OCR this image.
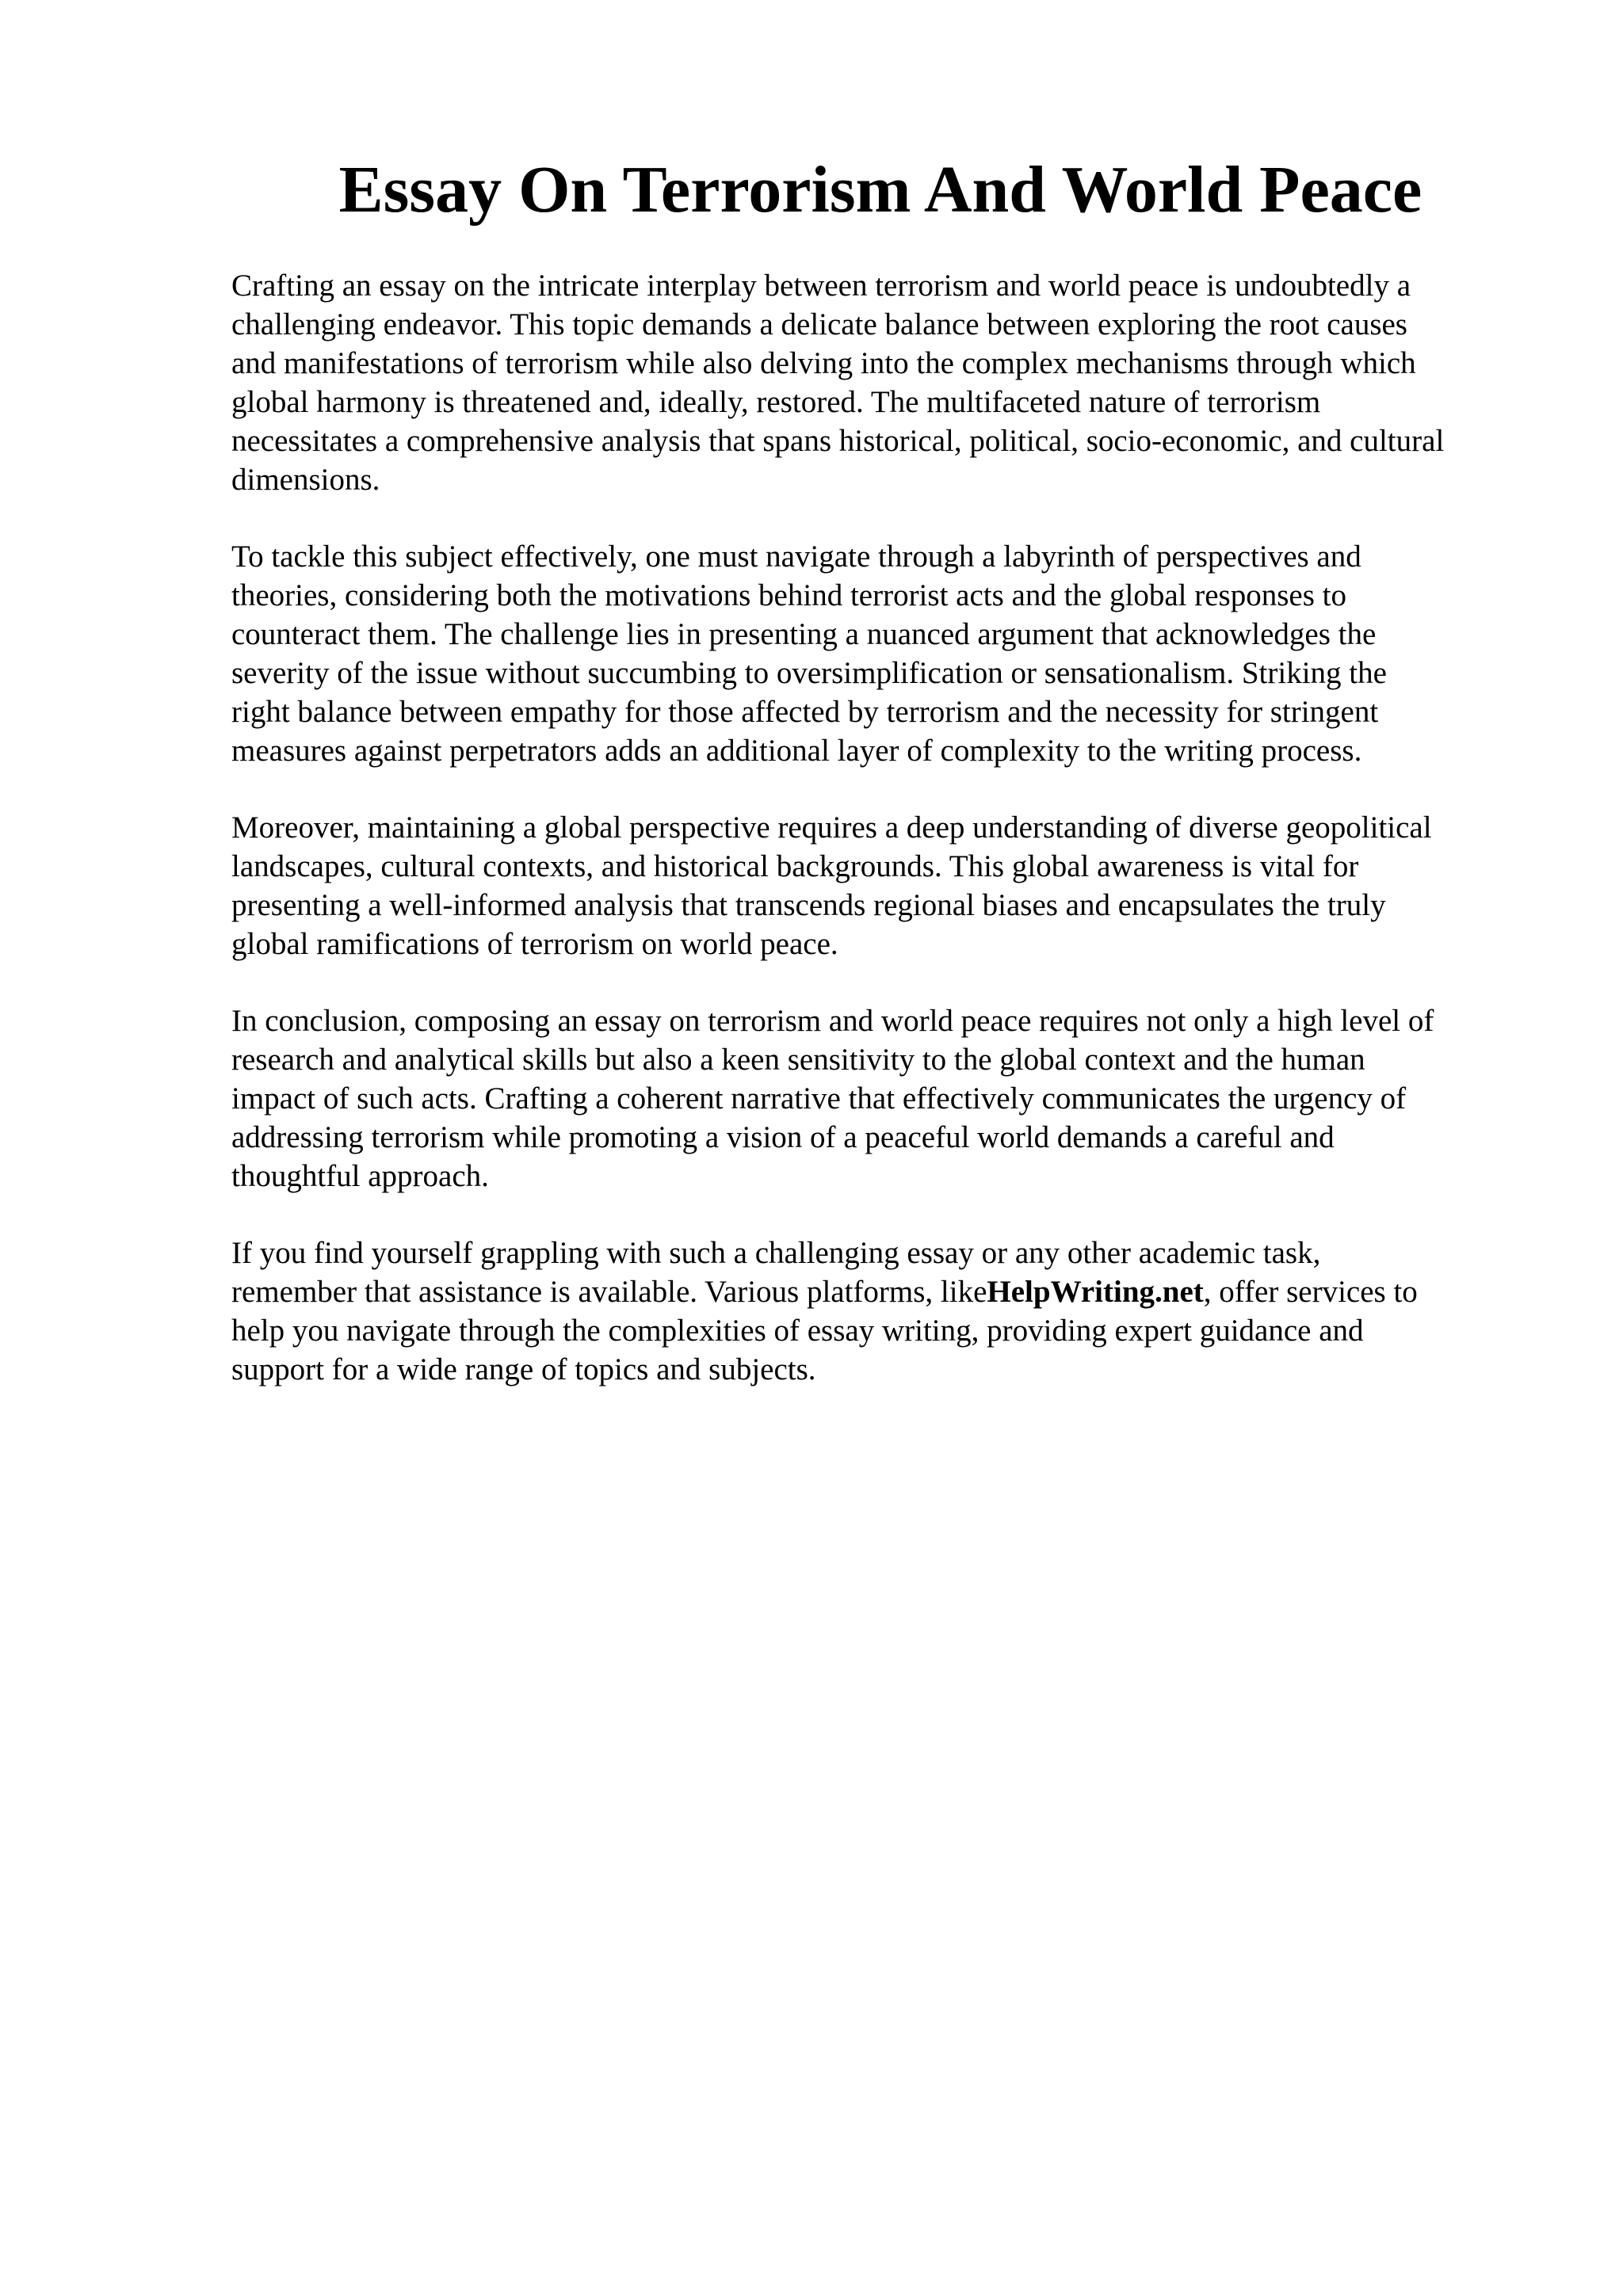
Essay On Terrorism And World Peace

Crafting an essay on the intricate interplay between terrorism and world peace is undoubtedly a
challenging endeavor. This topic demands a delicate balance between exploring the root causes
and manifestations of terrorism while also delving into the complex mechanisms through which
global harmony is threatened and, ideally, restored. The multifaceted nature of terrorism
necessitates a comprehensive analysis that spans historical, political, socio-economic, and cultural
dimensions.

To tackle this subject effectively, one must navigate through a labyrinth of perspectives and
theories, considering both the motivations behind terrorist acts and the global responses to
counteract them. The challenge lies in presenting a nuanced argument that acknowledges the
severity of the issue without succumbing to oversimplification or sensationalism. Striking the
right balance between empathy for those affected by terrorism and the necessity for stringent
measures against perpetrators adds an additional layer of complexity to the writing process.

Moreover, maintaining a global perspective requires a deep understanding of diverse geopolitical
landscapes, cultural contexts, and historical backgrounds. This global awareness is vital for
presenting a well-informed analysis that transcends regional biases and encapsulates the truly
global ramifications of terrorism on world peace.

In conclusion, composing an essay on terrorism and world peace requires not only a high level of
research and analytical skills but also a keen sensitivity to the global context and the human
impact of such acts. Crafting a coherent narrative that effectively communicates the urgency of
addressing terrorism while promoting a vision of a peaceful world demands a careful and
thoughtful approach.

If you find yourself grappling with such a challenging essay or any other academic task,
remember that assistance is available. Various platforms, likeHelpWriting.net, offer services to
help you navigate through the complexities of essay writing, providing expert guidance and
support for a wide range of topics and subjects.
